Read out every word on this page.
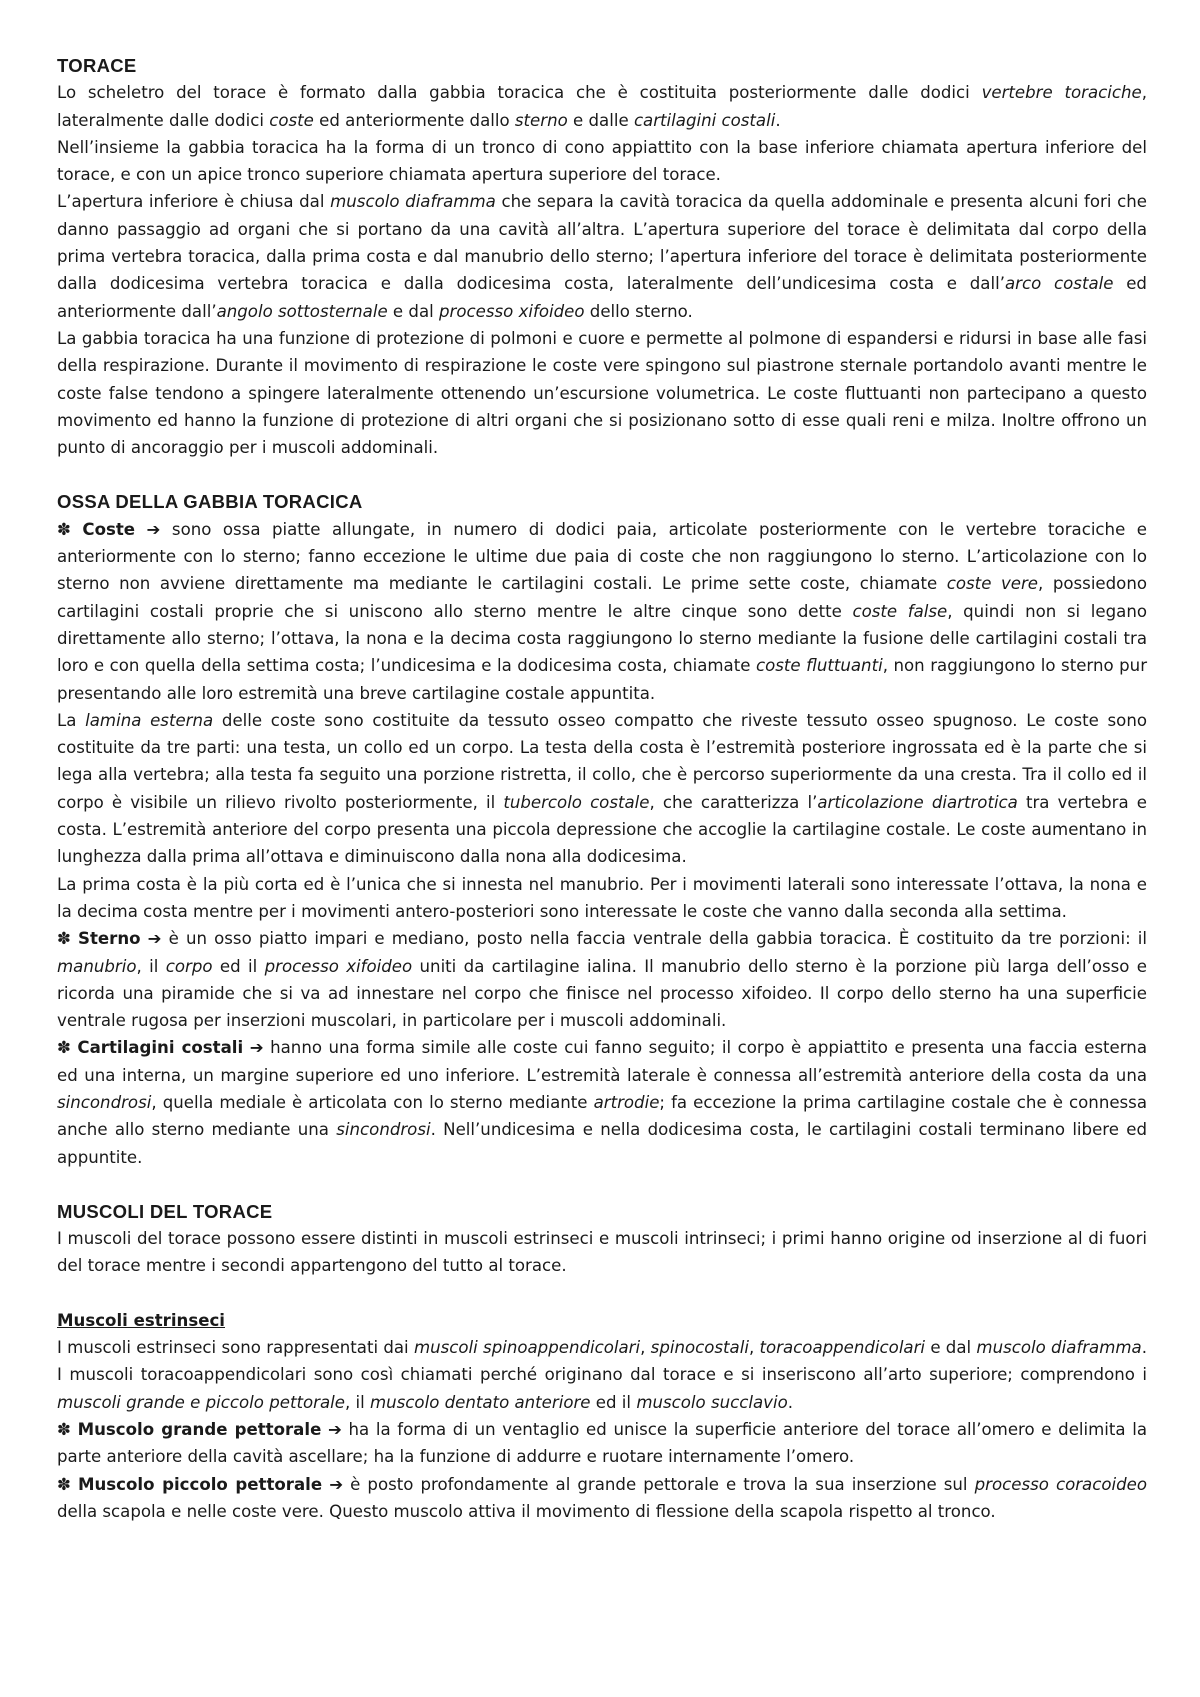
TORACE

Lo scheletro del torace è formato dalla gabbia toracica che è costituita posteriormente dalle dodici vertebre toraciche, lateralmente dalle dodici coste ed anteriormente dallo sterno e dalle cartilagini costali.

Nell’insieme la gabbia toracica ha la forma di un tronco di cono appiattito con la base inferiore chiamata apertura inferiore del torace, e con un apice tronco superiore chiamata apertura superiore del torace.

L’apertura inferiore è chiusa dal muscolo diaframma che separa la cavità toracica da quella addominale e presenta alcuni fori che danno passaggio ad organi che si portano da una cavità all’altra. L’apertura superiore del torace è delimitata dal corpo della prima vertebra toracica, dalla prima costa e dal manubrio dello sterno; l’apertura inferiore del torace è delimitata posteriormente dalla dodicesima vertebra toracica e dalla dodicesima costa, lateralmente dell’undicesima costa e dall’arco costale ed anteriormente dall’angolo sottosternale e dal processo xifoideo dello sterno.

La gabbia toracica ha una funzione di protezione di polmoni e cuore e permette al polmone di espandersi e ridursi in base alle fasi della respirazione. Durante il movimento di respirazione le coste vere spingono sul piastrone sternale portandolo avanti mentre le coste false tendono a spingere lateralmente ottenendo un’escursione volumetrica. Le coste fluttuanti non partecipano a questo movimento ed hanno la funzione di protezione di altri organi che si posizionano sotto di esse quali reni e milza. Inoltre offrono un punto di ancoraggio per i muscoli addominali.

OSSA DELLA GABBIA TORACICA

✽ Coste ➔ sono ossa piatte allungate, in numero di dodici paia, articolate posteriormente con le vertebre toraciche e anteriormente con lo sterno; fanno eccezione le ultime due paia di coste che non raggiungono lo sterno. L’articolazione con lo sterno non avviene direttamente ma mediante le cartilagini costali. Le prime sette coste, chiamate coste vere, possiedono cartilagini costali proprie che si uniscono allo sterno mentre le altre cinque sono dette coste false, quindi non si legano direttamente allo sterno; l’ottava, la nona e la decima costa raggiungono lo sterno mediante la fusione delle cartilagini costali tra loro e con quella della settima costa; l’undicesima e la dodicesima costa, chiamate coste fluttuanti, non raggiungono lo sterno pur presentando alle loro estremità una breve cartilagine costale appuntita.

La lamina esterna delle coste sono costituite da tessuto osseo compatto che riveste tessuto osseo spugnoso. Le coste sono costituite da tre parti: una testa, un collo ed un corpo. La testa della costa è l’estremità posteriore ingrossata ed è la parte che si lega alla vertebra; alla testa fa seguito una porzione ristretta, il collo, che è percorso superiormente da una cresta. Tra il collo ed il corpo è visibile un rilievo rivolto posteriormente, il tubercolo costale, che caratterizza l’articolazione diartrotica tra vertebra e costa. L’estremità anteriore del corpo presenta una piccola depressione che accoglie la cartilagine costale. Le coste aumentano in lunghezza dalla prima all’ottava e diminuiscono dalla nona alla dodicesima.

La prima costa è la più corta ed è l’unica che si innesta nel manubrio. Per i movimenti laterali sono interessate l’ottava, la nona e la decima costa mentre per i movimenti antero-posteriori sono interessate le coste che vanno dalla seconda alla settima.

✽ Sterno ➔ è un osso piatto impari e mediano, posto nella faccia ventrale della gabbia toracica. È costituito da tre porzioni: il manubrio, il corpo ed il processo xifoideo uniti da cartilagine ialina. Il manubrio dello sterno è la porzione più larga dell’osso e ricorda una piramide che si va ad innestare nel corpo che finisce nel processo xifoideo. Il corpo dello sterno ha una superficie ventrale rugosa per inserzioni muscolari, in particolare per i muscoli addominali.

✽ Cartilagini costali ➔ hanno una forma simile alle coste cui fanno seguito; il corpo è appiattito e presenta una faccia esterna ed una interna, un margine superiore ed uno inferiore. L’estremità laterale è connessa all’estremità anteriore della costa da una sincondrosi, quella mediale è articolata con lo sterno mediante artrodie; fa eccezione la prima cartilagine costale che è connessa anche allo sterno mediante una sincondrosi. Nell’undicesima e nella dodicesima costa, le cartilagini costali terminano libere ed appuntite.

MUSCOLI DEL TORACE

I muscoli del torace possono essere distinti in muscoli estrinseci e muscoli intrinseci; i primi hanno origine od inserzione al di fuori del torace mentre i secondi appartengono del tutto al torace.

Muscoli estrinseci

I muscoli estrinseci sono rappresentati dai muscoli spinoappendicolari, spinocostali, toracoappendicolari e dal muscolo diaframma. I muscoli toracoappendicolari sono così chiamati perché originano dal torace e si inseriscono all’arto superiore; comprendono i muscoli grande e piccolo pettorale, il muscolo dentato anteriore ed il muscolo succlavio.

✽ Muscolo grande pettorale ➔ ha la forma di un ventaglio ed unisce la superficie anteriore del torace all’omero e delimita la parte anteriore della cavità ascellare; ha la funzione di addurre e ruotare internamente l’omero.

✽ Muscolo piccolo pettorale ➔ è posto profondamente al grande pettorale e trova la sua inserzione sul processo coracoideo della scapola e nelle coste vere. Questo muscolo attiva il movimento di flessione della scapola rispetto al tronco.
